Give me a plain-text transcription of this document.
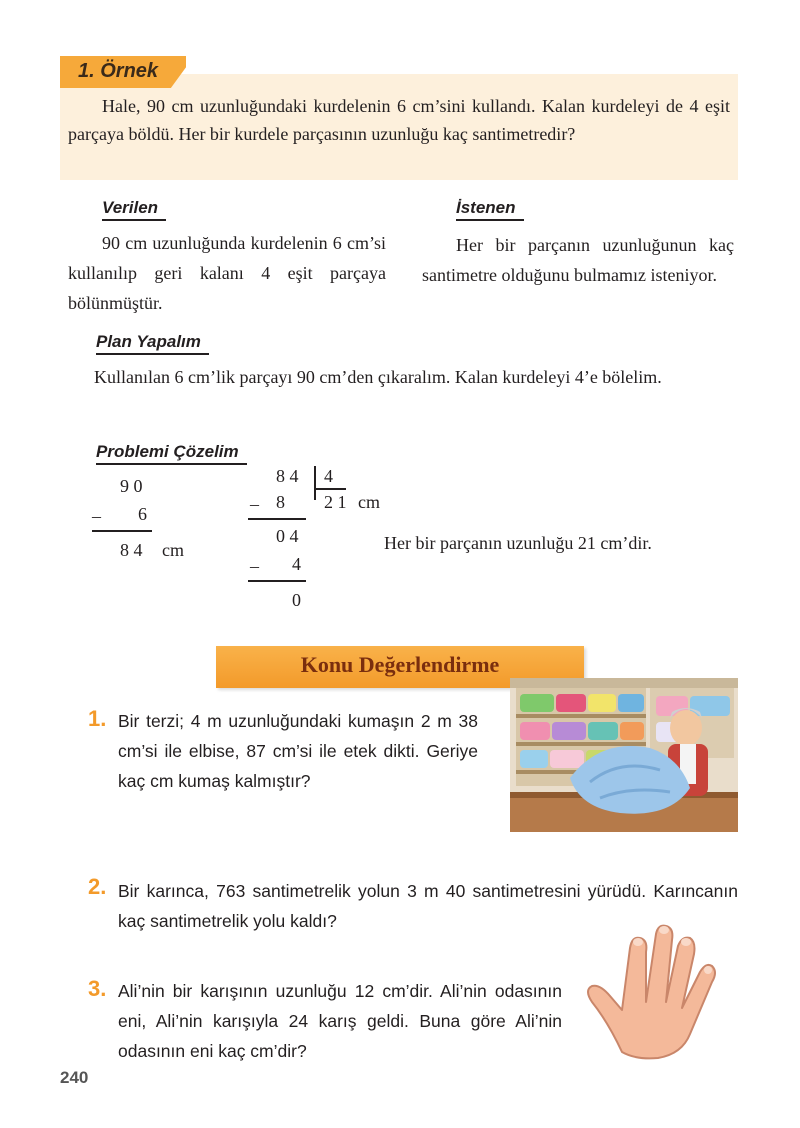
1. Örnek
Hale, 90 cm uzunluğundaki kurdelenin 6 cm’sini kullandı. Kalan kurdeleyi de 4 eşit parçaya böldü. Her bir kurdele parçasının uzunluğu kaç santimetredir?
Verilen
90 cm uzunluğunda kurdelenin 6 cm’si kullanılıp geri kalanı 4 eşit parçaya bölünmüştür.
İstenen
Her bir parçanın uzunluğunun kaç santimetre olduğunu bulmamız isteniyor.
Plan Yapalım
Kullanılan 6 cm’lik parçayı 90 cm’den çıkaralım. Kalan kurdeleyi 4’e bölelim.
Problemi Çözelim
9 0
– 6
8 4 cm
8 4 4
2 1 cm
– 8
0 4
– 4
0
Her bir parçanın uzunluğu 21 cm’dir.
Konu Değerlendirme
1. Bir terzi; 4 m uzunluğundaki kumaşın 2 m 38 cm’si ile elbise, 87 cm’si ile etek dikti. Geriye kaç cm kumaş kalmıştır?
2. Bir karınca, 763 santimetrelik yolun 3 m 40 santimetresini yürüdü. Karıncanın kaç santimetrelik yolu kaldı?
3. Ali’nin bir karışının uzunluğu 12 cm’dir. Ali’nin odasının eni, Ali’nin karışıyla 24 karış geldi. Buna göre Ali’nin odasının eni kaç cm’dir?
240
